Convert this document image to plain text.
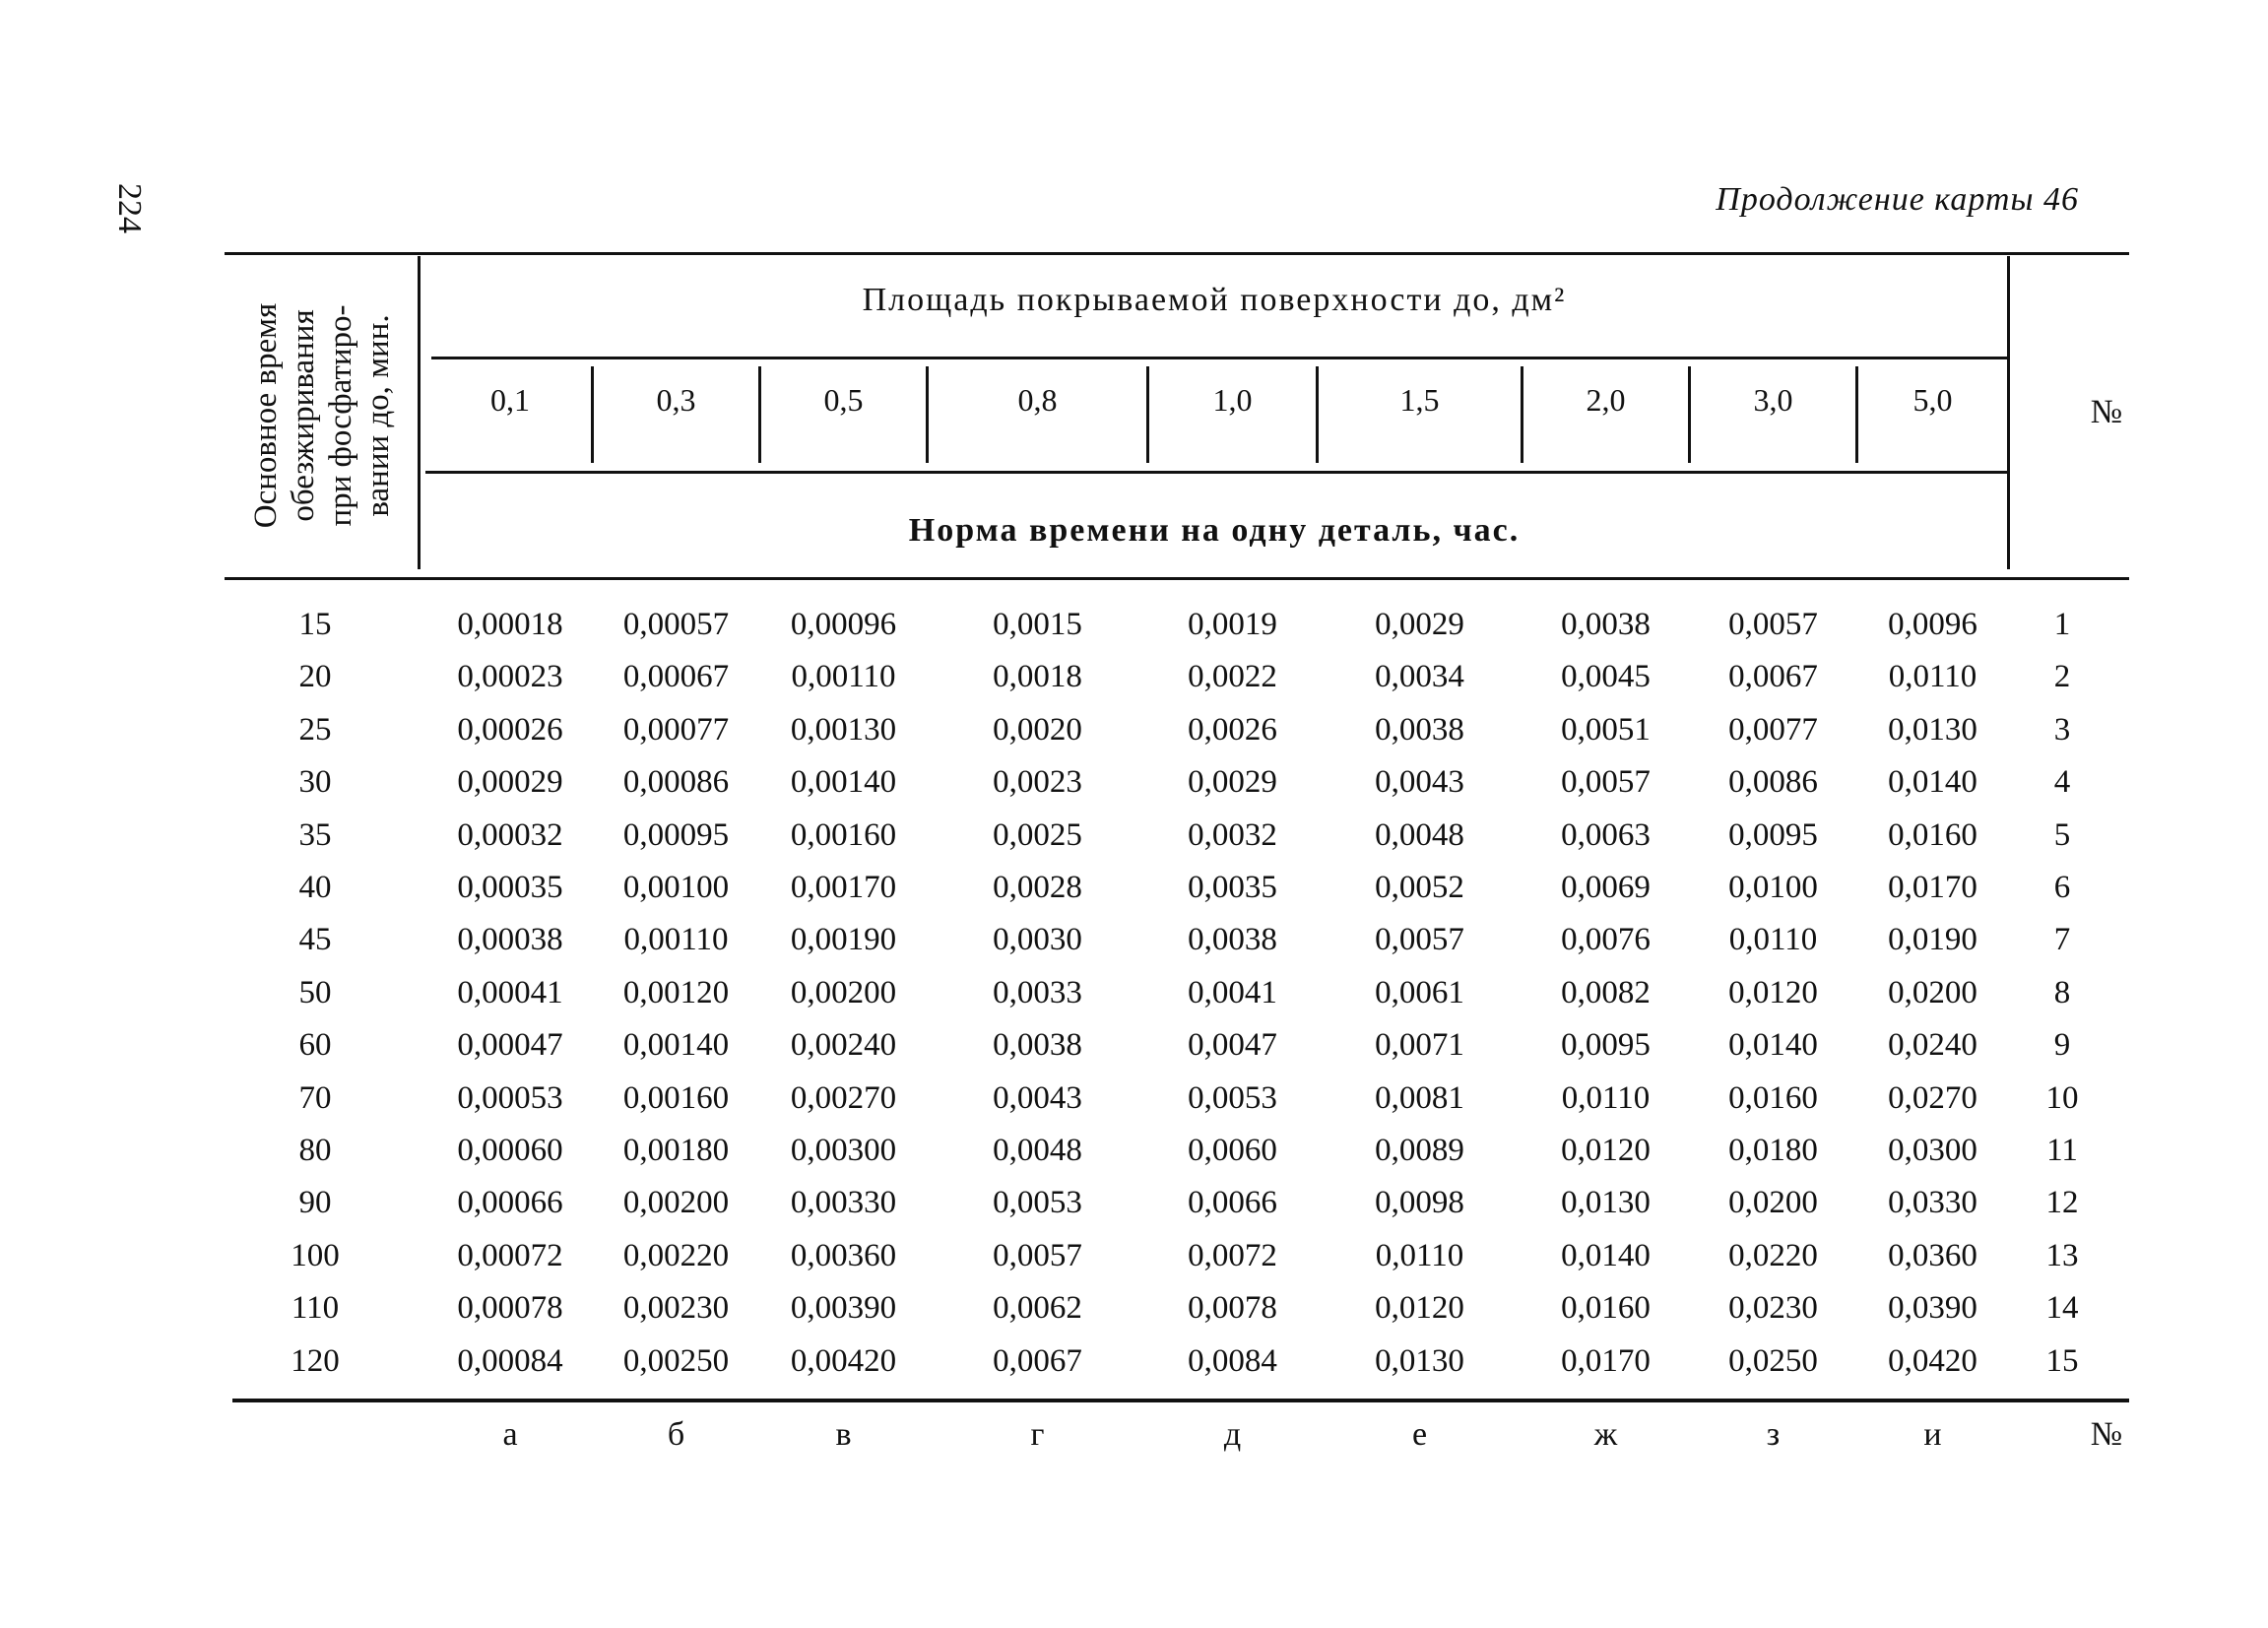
224	Продолжение карты 46
Основное время обезжиривания при фосфатиро- вании до, мин.
Площадь покрываемой поверхности до, дм²
0,1	0,3	0,5	0,8	1,0	1,5	2,0	3,0	5,0
Норма времени на одну деталь, час.
№
15	0,00018	0,00057	0,00096	0,0015	0,0019	0,0029	0,0038	0,0057	0,0096	1
20	0,00023	0,00067	0,00110	0,0018	0,0022	0,0034	0,0045	0,0067	0,0110	2
25	0,00026	0,00077	0,00130	0,0020	0,0026	0,0038	0,0051	0,0077	0,0130	3
30	0,00029	0,00086	0,00140	0,0023	0,0029	0,0043	0,0057	0,0086	0,0140	4
35	0,00032	0,00095	0,00160	0,0025	0,0032	0,0048	0,0063	0,0095	0,0160	5
40	0,00035	0,00100	0,00170	0,0028	0,0035	0,0052	0,0069	0,0100	0,0170	6
45	0,00038	0,00110	0,00190	0,0030	0,0038	0,0057	0,0076	0,0110	0,0190	7
50	0,00041	0,00120	0,00200	0,0033	0,0041	0,0061	0,0082	0,0120	0,0200	8
60	0,00047	0,00140	0,00240	0,0038	0,0047	0,0071	0,0095	0,0140	0,0240	9
70	0,00053	0,00160	0,00270	0,0043	0,0053	0,0081	0,0110	0,0160	0,0270	10
80	0,00060	0,00180	0,00300	0,0048	0,0060	0,0089	0,0120	0,0180	0,0300	11
90	0,00066	0,00200	0,00330	0,0053	0,0066	0,0098	0,0130	0,0200	0,0330	12
100	0,00072	0,00220	0,00360	0,0057	0,0072	0,0110	0,0140	0,0220	0,0360	13
110	0,00078	0,00230	0,00390	0,0062	0,0078	0,0120	0,0160	0,0230	0,0390	14
120	0,00084	0,00250	0,00420	0,0067	0,0084	0,0130	0,0170	0,0250	0,0420	15
а	б	в	г	д	е	ж	з	и	№
